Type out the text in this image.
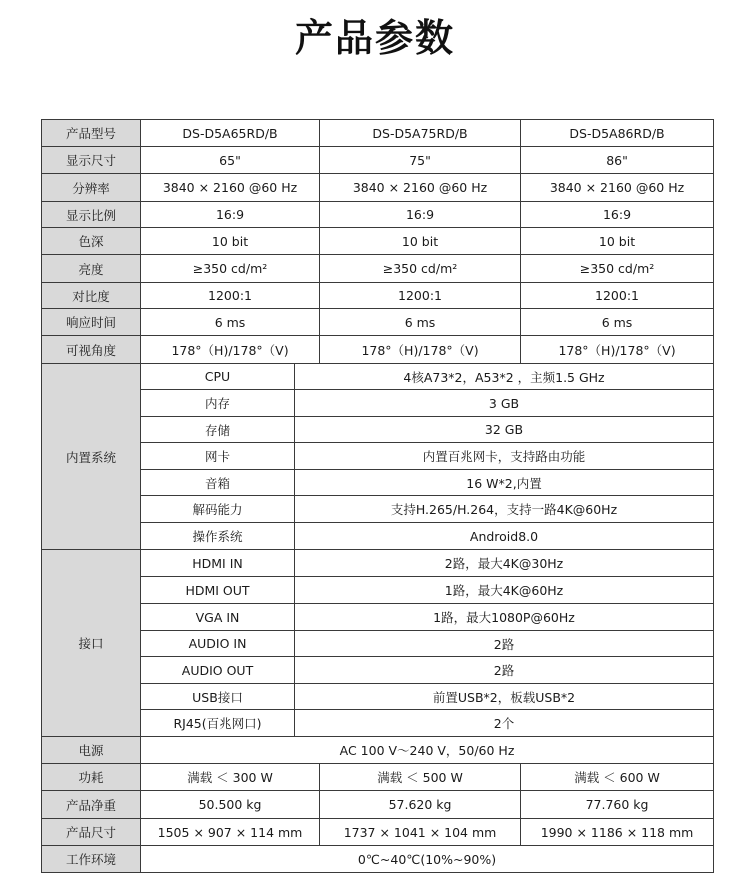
产品参数
产品型号	DS-D5A65RD/B		DS-D5A75RD/B	DS-D5A86RD/B
显示尺寸	65"		75"	86"
分辨率	3840 × 2160 @60 Hz		3840 × 2160 @60 Hz	3840 × 2160 @60 Hz
显示比例	16:9		16:9	16:9
色深	10 bit		10 bit	10 bit
亮度	≥350 cd/m²		≥350 cd/m²	≥350 cd/m²
对比度	1200:1		1200:1	1200:1
响应时间	6 ms		6 ms	6 ms
可视角度	178°（H)/178°（V)		178°（H)/178°（V)	178°（H)/178°（V)
内置系统	CPU	4核A73*2，A53*2 ，主频1.5 GHz		
	内存	3 GB		
	存储	32 GB		
	网卡	内置百兆网卡，支持路由功能		
	音箱	16 W*2,内置		
	解码能力	支持H.265/H.264，支持一路4K@60Hz		
	操作系统	Android8.0		
接口	HDMI IN	2路，最大4K@30Hz		
	HDMI OUT	1路，最大4K@60Hz		
	VGA IN	1路，最大1080P@60Hz		
	AUDIO IN	2路		
	AUDIO OUT	2路		
	USB接口	前置USB*2，板载USB*2		
	RJ45(百兆网口)	2个		
电源	AC 100 V～240 V，50/60 Hz			
功耗	满载 ＜ 300 W		满载 ＜ 500 W	满载 ＜ 600 W
产品净重	50.500 kg		57.620 kg	77.760 kg
产品尺寸	1505 × 907 × 114 mm		1737 × 1041 × 104 mm	1990 × 1186 × 118 mm
工作环境	0℃~40℃(10%~90%)			
